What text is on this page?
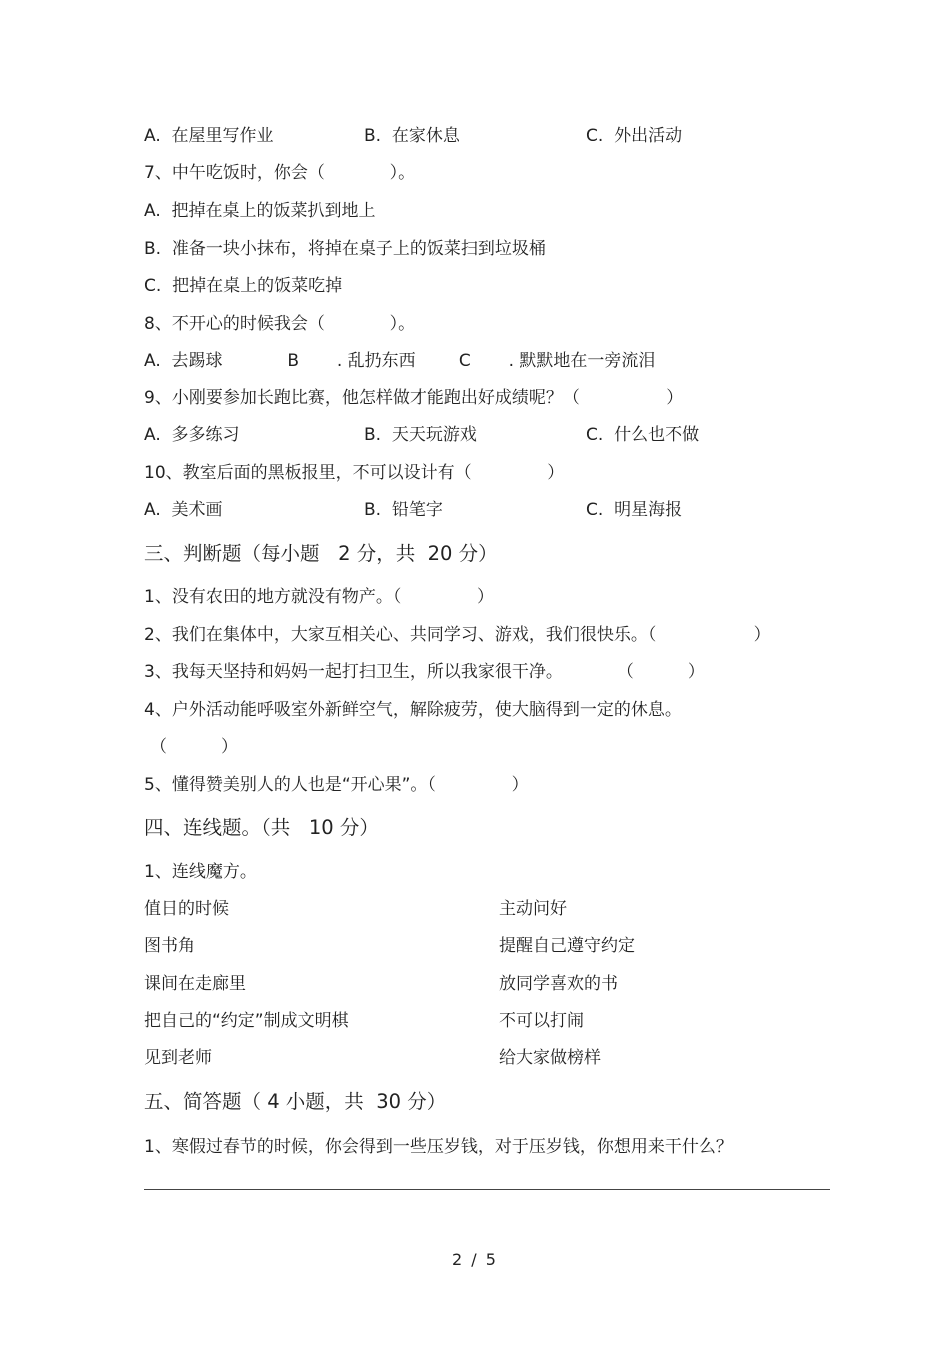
A.  在屋里写作业	B.  在家休息	C.  外出活动
7、中午吃饭时，你会（            ）。
A.  把掉在桌上的饭菜扒到地上
B.  准备一块小抹布，将掉在桌子上的饭菜扫到垃圾桶
C.  把掉在桌上的饭菜吃掉
8、不开心的时候我会（            ）。
A.  去踢球            B       . 乱扔东西        C       . 默默地在一旁流泪
9、小刚要参加长跑比赛，他怎样做才能跑出好成绩呢？（                ）
A.  多多练习	B.  天天玩游戏	C.  什么也不做
10、教室后面的黑板报里，不可以设计有（              ）
A.  美术画	B.  铅笔字	C.  明星海报
三、判断题（每小题   2 分，共  20 分）
1、没有农田的地方就没有物产。（              ）
2、我们在集体中，大家互相关心、共同学习、游戏，我们很快乐。（                  ）
3、我每天坚持和妈妈一起打扫卫生，所以我家很干净。          （          ）
4、户外活动能呼吸室外新鲜空气，解除疲劳，使大脑得到一定的休息。
（          ）
5、懂得赞美别人的人也是“开心果”。（              ）
四、连线题。（共   10 分）
1、连线魔方。
值日的时候	主动问好
图书角	提醒自己遵守约定
课间在走廊里	放同学喜欢的书
把自己的“约定”制成文明棋	不可以打闹
见到老师	给大家做榜样
五、简答题（ 4 小题，共  30 分）
1、寒假过春节的时候，你会得到一些压岁钱，对于压岁钱，你想用来干什么？
2 / 5
